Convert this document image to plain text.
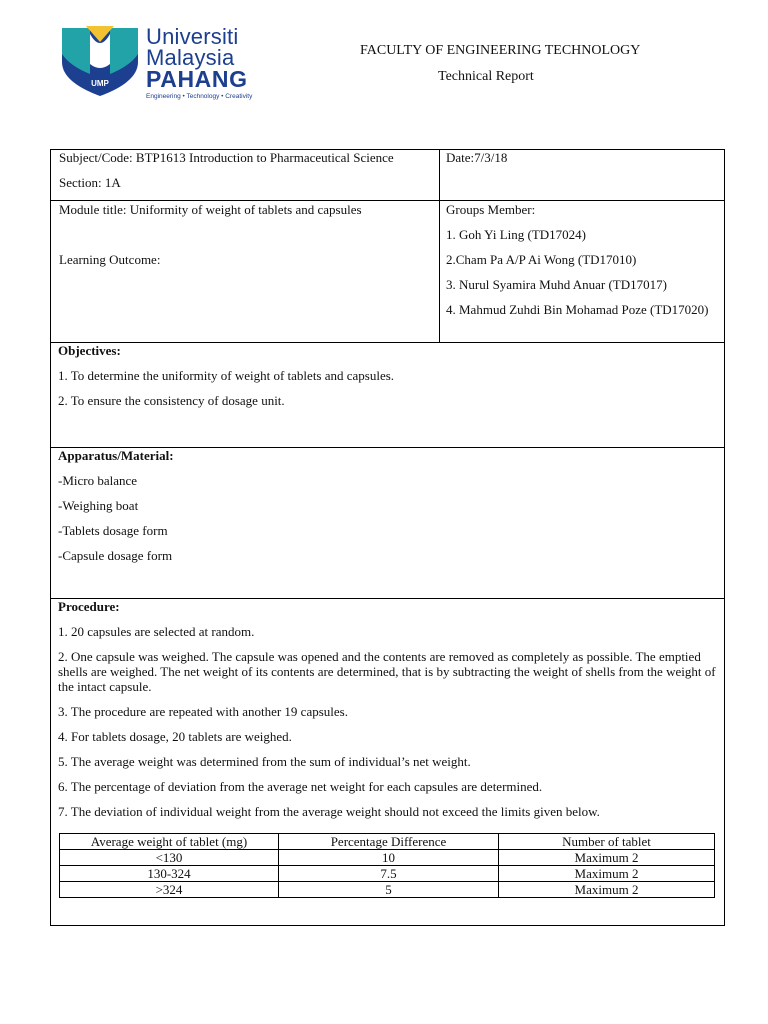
UMP
Universiti
Malaysia
PAHANG
Engineering • Technology • Creativity
FACULTY OF ENGINEERING TECHNOLOGY
Technical Report

Subject/Code: BTP1613 Introduction to Pharmaceutical Science

Section: 1A

Date:7/3/18

Module title: Uniformity of weight of tablets and capsules

Learning Outcome:

Groups Member:

1. Goh Yi Ling (TD17024)

2.Cham Pa A/P Ai Wong (TD17010)

3. Nurul Syamira Muhd Anuar (TD17017)

4. Mahmud Zuhdi Bin Mohamad Poze (TD17020)

Objectives:

1. To determine the uniformity of weight of tablets and capsules.

2. To ensure the consistency of dosage unit.

Apparatus/Material:

-Micro balance

-Weighing boat

-Tablets dosage form

-Capsule dosage form

Procedure:

1. 20 capsules are selected at random.

2. One capsule was weighed. The capsule was opened and the contents are removed as completely as possible. The emptied shells are weighed. The net weight of its contents are determined, that is by subtracting the weight of shells from the weight of the intact capsule.

3. The procedure are repeated with another 19 capsules.

4. For tablets dosage, 20 tablets are weighed.

5. The average weight was determined from the sum of individual’s net weight.

6. The percentage of deviation from the average net weight for each capsules are determined.

7. The deviation of individual weight from the average weight should not exceed the limits given below.

Average weight of tablet (mg)	Percentage Difference	Number of tablet
<130	10	Maximum 2
130-324	7.5	Maximum 2
>324	5	Maximum 2
